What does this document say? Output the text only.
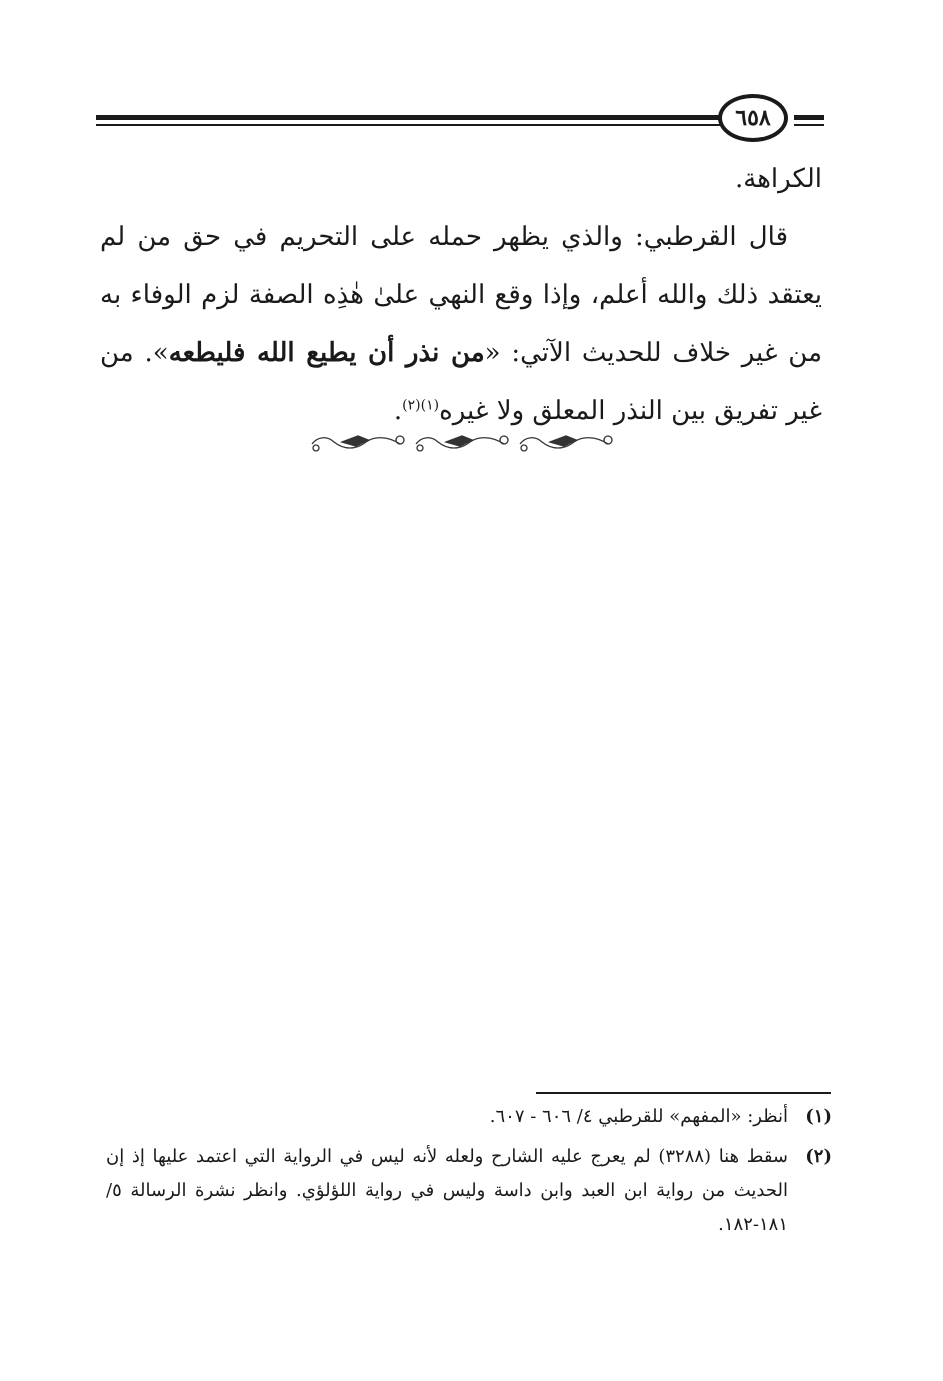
٦٥٨

الكراهة.

قال القرطبي: والذي يظهر حمله على التحريم في حق من لم يعتقد ذلك والله أعلم، وإذا وقع النهي علىٰ هٰذِه الصفة لزم الوفاء به من غير خلاف للحديث الآتي: «من نذر أن يطيع الله فليطعه». من غير تفريق بين النذر المعلق ولا غيره$^{(١)(٢)}$.

(١)
أنظر: «المفهم» للقرطبي ٤/ ٦٠٦ - ٦٠٧.
(٢)
سقط هنا (٣٢٨٨) لم يعرج عليه الشارح ولعله لأنه ليس في الرواية التي اعتمد عليها إذ إن الحديث من رواية ابن العبد وابن داسة وليس في رواية اللؤلؤي. وانظر نشرة الرسالة ٥/ ١٨١-١٨٢.
